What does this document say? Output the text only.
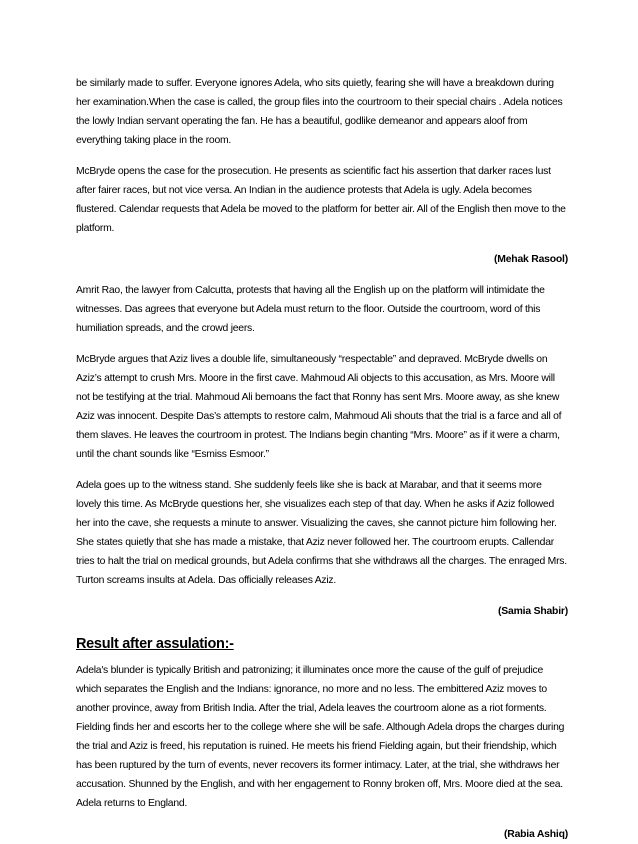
be similarly made to suffer. Everyone ignores Adela, who sits quietly, fearing she will have a breakdown during her examination.When the case is called, the group files into the courtroom to their special chairs . Adela notices the lowly Indian servant operating the fan. He has a beautiful, godlike demeanor and appears aloof from everything taking place in the room.

McBryde opens the case for the prosecution. He presents as scientific fact his assertion that darker races lust after fairer races, but not vice versa. An Indian in the audience protests that Adela is ugly. Adela becomes flustered. Calendar requests that Adela be moved to the platform for better air. All of the English then move to the platform.

(Mehak Rasool)

Amrit Rao, the lawyer from Calcutta, protests that having all the English up on the platform will intimidate the witnesses. Das agrees that everyone but Adela must return to the floor. Outside the courtroom, word of this humiliation spreads, and the crowd jeers.

McBryde argues that Aziz lives a double life, simultaneously “respectable” and depraved. McBryde dwells on Aziz’s attempt to crush Mrs. Moore in the first cave. Mahmoud Ali objects to this accusation, as Mrs. Moore will not be testifying at the trial. Mahmoud Ali bemoans the fact that Ronny has sent Mrs. Moore away, as she knew Aziz was innocent. Despite Das’s attempts to restore calm, Mahmoud Ali shouts that the trial is a farce and all of them slaves. He leaves the courtroom in protest. The Indians begin chanting “Mrs. Moore” as if it were a charm, until the chant sounds like “Esmiss Esmoor.”

Adela goes up to the witness stand. She suddenly feels like she is back at Marabar, and that it seems more lovely this time. As McBryde questions her, she visualizes each step of that day. When he asks if Aziz followed her into the cave, she requests a minute to answer. Visualizing the caves, she cannot picture him following her. She states quietly that she has made a mistake, that Aziz never followed her. The courtroom erupts. Callendar tries to halt the trial on medical grounds, but Adela confirms that she withdraws all the charges. The enraged Mrs. Turton screams insults at Adela. Das officially releases Aziz.

(Samia Shabir)
Result after assulation:-

Adela's blunder is typically British and patronizing; it illuminates once more the cause of the gulf of prejudice which separates the English and the Indians: ignorance, no more and no less. The embittered Aziz moves to another province, away from British India. After the trial, Adela leaves the courtroom alone as a riot forments. Fielding finds her and escorts her to the college where she will be safe. Although Adela drops the charges during the trial and Aziz is freed, his reputation is ruined. He meets his friend Fielding again, but their friendship, which has been ruptured by the turn of events, never recovers its former intimacy. Later, at the trial, she withdraws her accusation. Shunned by the English, and with her engagement to Ronny broken off, Mrs. Moore died at the sea. Adela returns to England.

(Rabia Ashiq)
